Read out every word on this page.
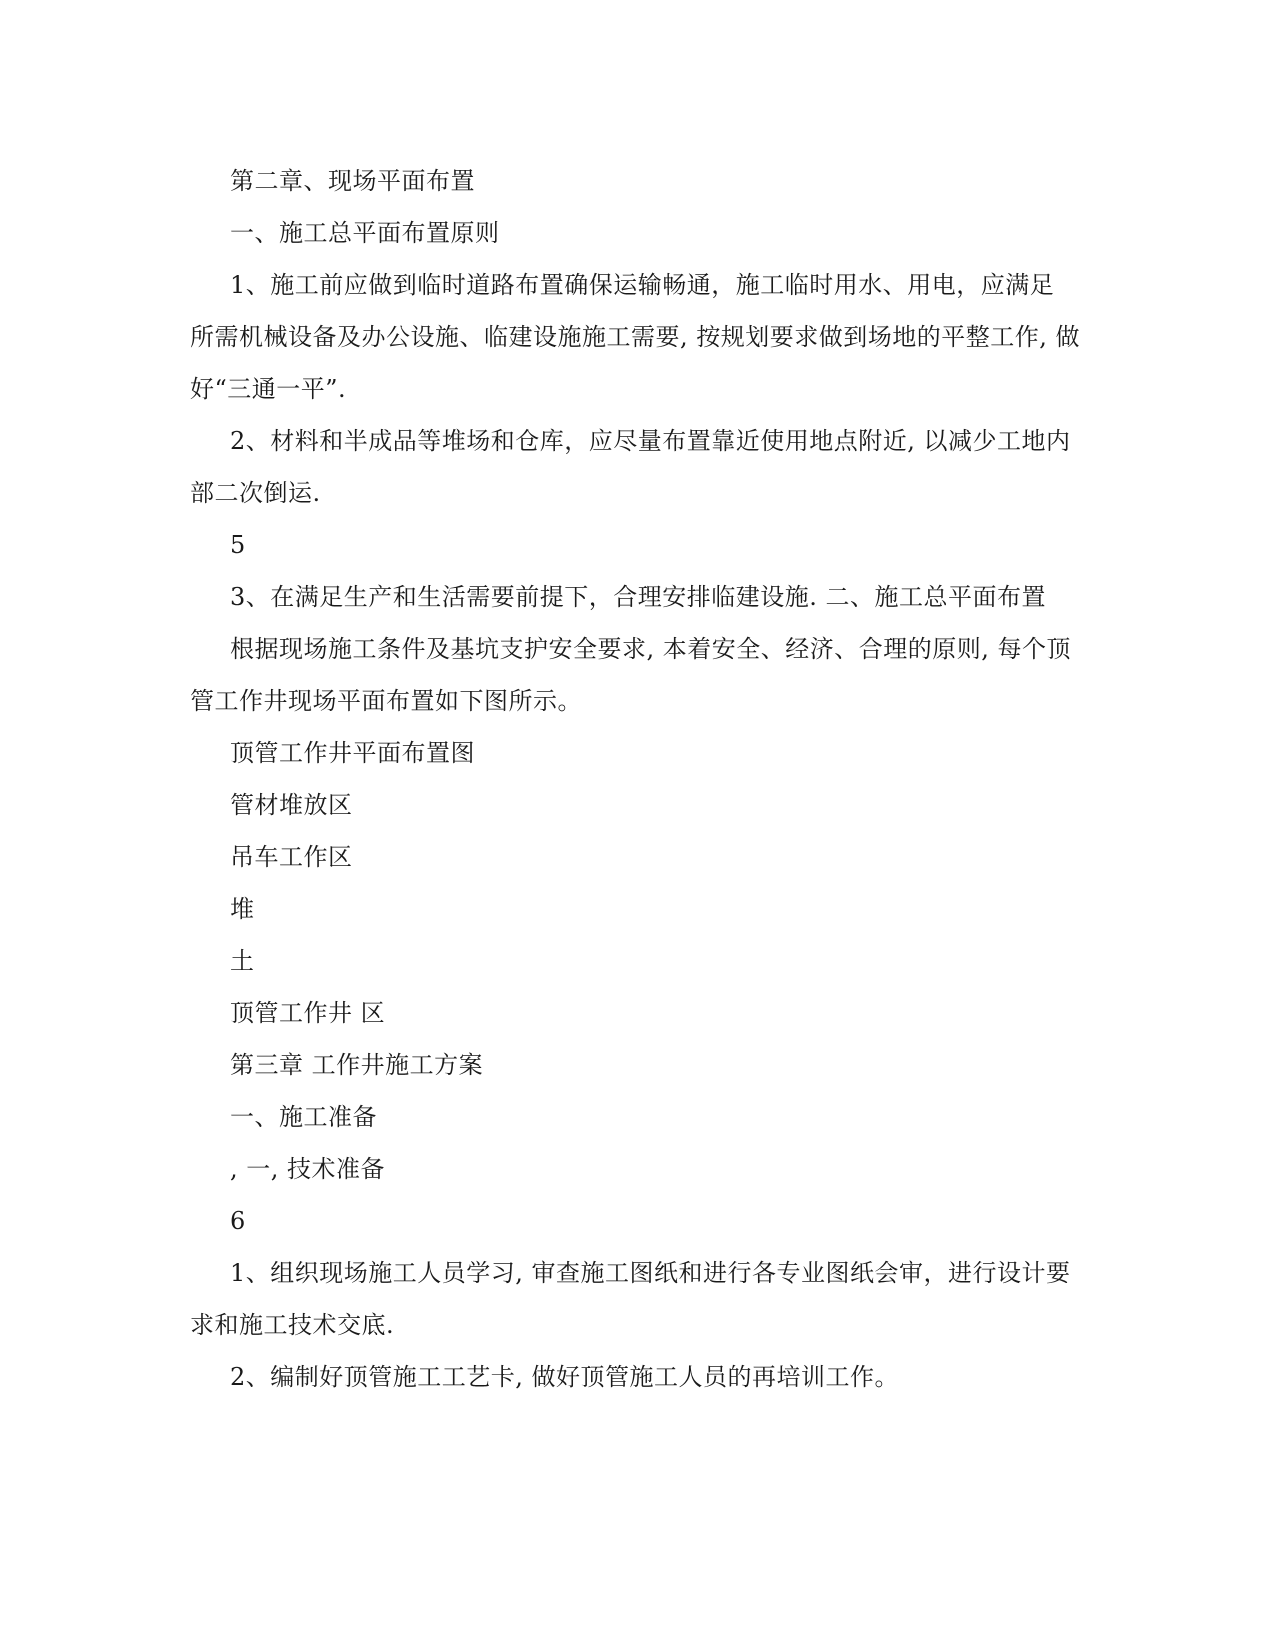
第二章、现场平面布置
一、施工总平面布置原则
1、施工前应做到临时道路布置确保运输畅通，施工临时用水、用电，应满足
所需机械设备及办公设施、临建设施施工需要, 按规划要求做到场地的平整工作, 做
好“三通一平”.
2、材料和半成品等堆场和仓库，应尽量布置靠近使用地点附近, 以减少工地内
部二次倒运.
5
3、在满足生产和生活需要前提下，合理安排临建设施. 二、施工总平面布置
根据现场施工条件及基坑支护安全要求, 本着安全、经济、合理的原则, 每个顶
管工作井现场平面布置如下图所示。
顶管工作井平面布置图
管材堆放区
吊车工作区
堆
土
顶管工作井 区
第三章 工作井施工方案
一、施工准备
, 一, 技术准备
6
1、组织现场施工人员学习, 审查施工图纸和进行各专业图纸会审，进行设计要
求和施工技术交底.
2、编制好顶管施工工艺卡, 做好顶管施工人员的再培训工作。
